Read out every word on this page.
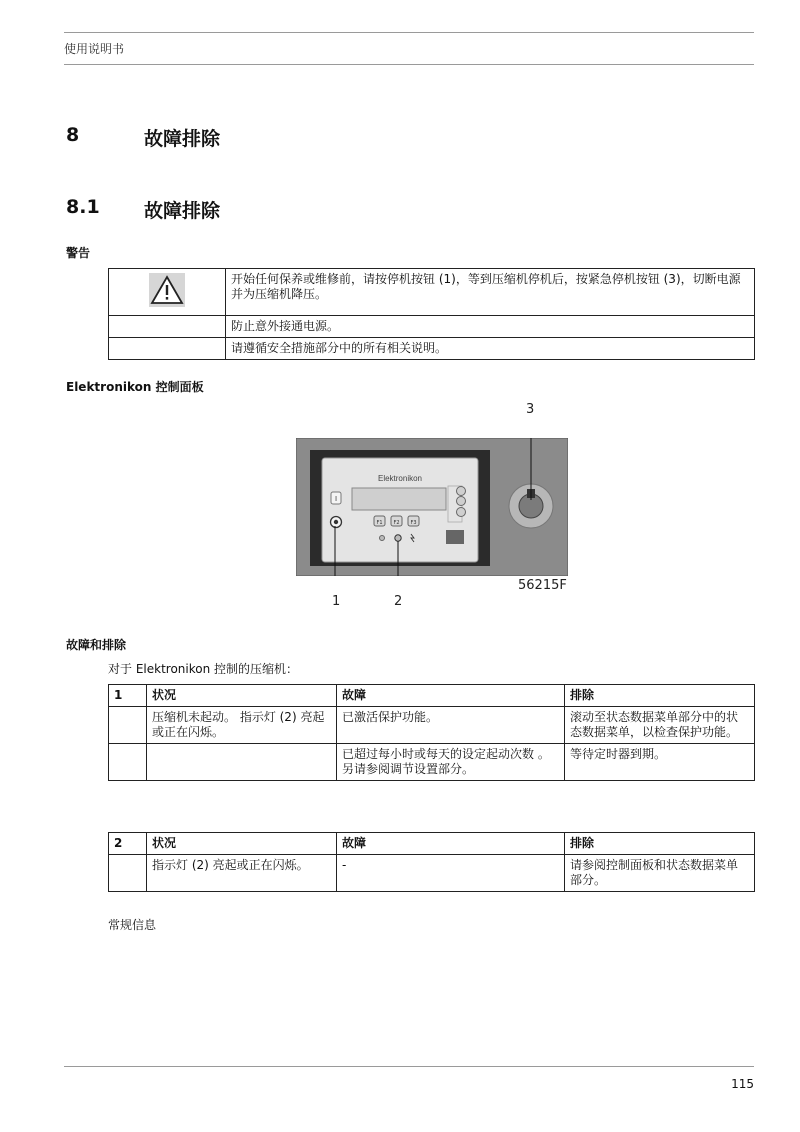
使用说明书
8	故障排除
8.1 故障排除
警告
	开始任何保养或维修前，请按停机按钮 (1)，等到压缩机停机后，按紧急停机按钮 (3)，切断电源并为压缩机降压。
	防止意外接通电源。
	请遵循安全措施部分中的所有相关说明。
Elektronikon 控制面板
3
Elektronikon
I
F1 F2 F3
1	2
56215F
故障和排除
对于 Elektronikon 控制的压缩机：
1	状况	故障	排除
	压缩机未起动。 指示灯 (2) 亮起或正在闪烁。	已激活保护功能。	滚动至状态数据菜单部分中的状态数据菜单，以检查保护功能。

		已超过每小时或每天的设定起动次数 。
另请参阅调节设置部分。	等待定时器到期。
2	状况	故障	排除
	指示灯 (2) 亮起或正在闪烁。	-	请参阅控制面板和状态数据菜单部分。
常规信息
115
